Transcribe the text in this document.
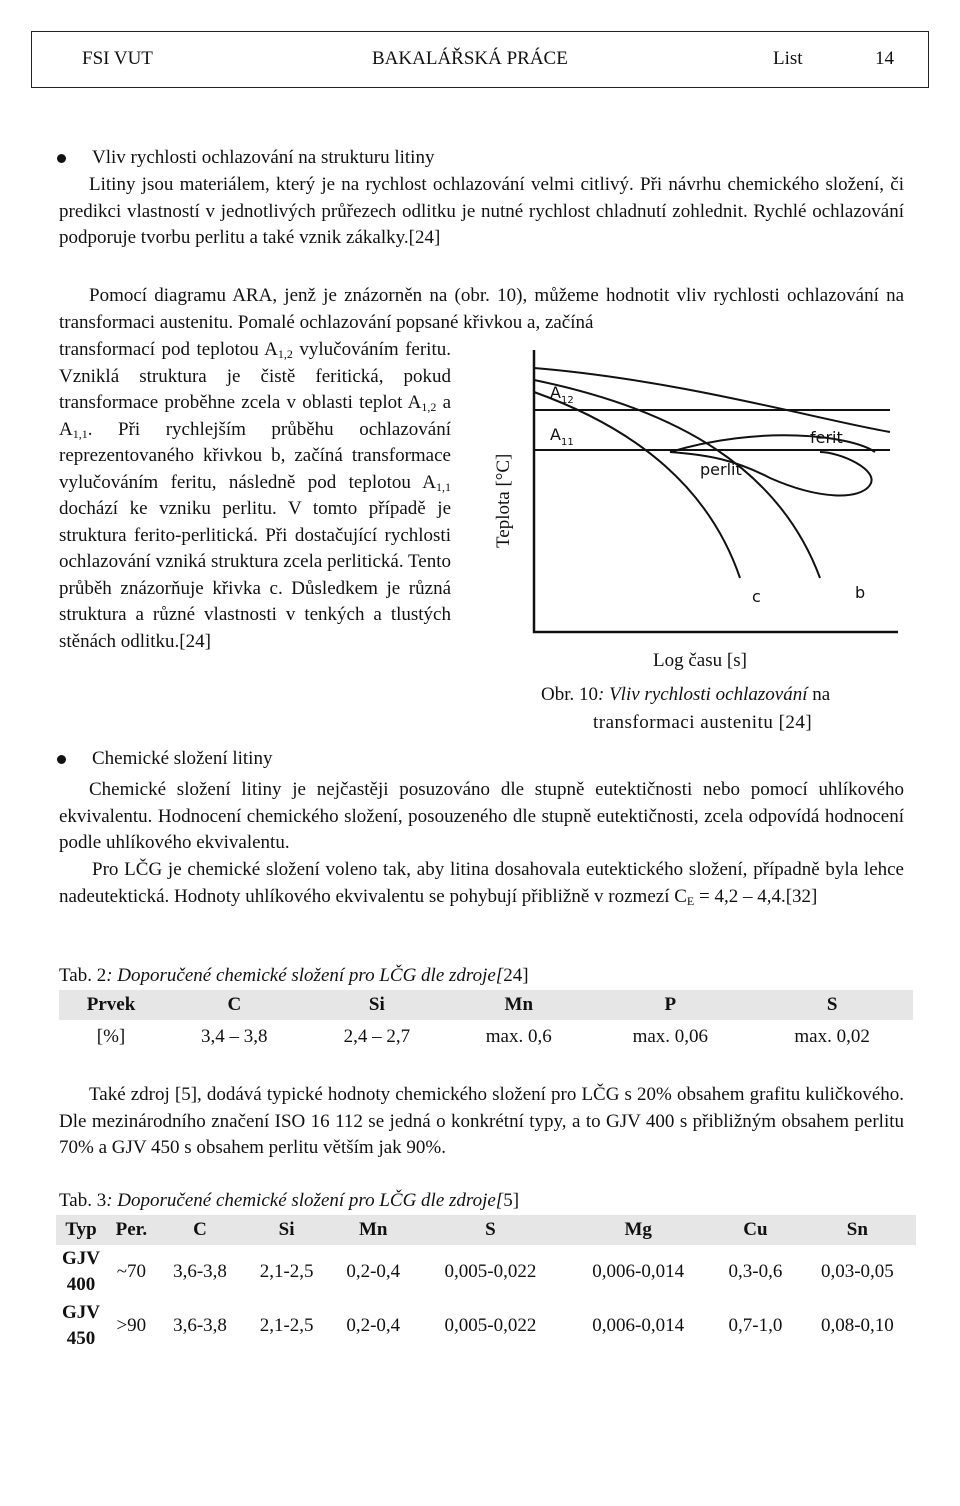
FSI VUT	BAKALÁŘSKÁ PRÁCE	List	14
Vliv rychlosti ochlazování na strukturu litiny
Litiny jsou materiálem, který je na rychlost ochlazování velmi citlivý. Při návrhu chemického složení, či predikci vlastností v jednotlivých průřezech odlitku je nutné rychlost chladnutí zohlednit. Rychlé ochlazování podporuje tvorbu perlitu a také vznik zákalky.[24]
Pomocí diagramu ARA, jenž je znázorněn na (obr. 10), můžeme hodnotit vliv rychlosti ochlazování na transformaci austenitu. Pomalé ochlazování popsané křivkou a, začíná
transformací pod teplotou $A_{1,2}$ vylučováním feritu. Vzniklá struktura je čistě feritická, pokud transformace proběhne zcela v oblasti teplot $A_{1,2}$ a $A_{1,1}$. Při rychlejším průběhu ochlazování reprezentovaného křivkou b, začíná transformace vylučováním feritu, následně pod teplotou $A_{1,1}$ dochází ke vzniku perlitu. V tomto případě je struktura ferito-perlitická. Při dostačující rychlosti ochlazování vzniká struktura zcela perlitická. Tento průběh znázorňuje křivka c. Důsledkem je různá struktura a různé vlastnosti v tenkých a tlustých stěnách odlitku.[24]
Teplota [°C]
$A_{12}$
$A_{11}$	ferit
perlit
c	b
Log času [s]
Obr. 10: Vliv rychlosti ochlazování na
transformaci austenitu [24]
Chemické složení litiny
Chemické složení litiny je nejčastěji posuzováno dle stupně eutektičnosti nebo pomocí uhlíkového ekvivalentu. Hodnocení chemického složení, posouzeného dle stupně eutektičnosti, zcela odpovídá hodnocení podle uhlíkového ekvivalentu.
Pro LČG je chemické složení voleno tak, aby litina dosahovala eutektického složení, případně byla lehce nadeutektická. Hodnoty uhlíkového ekvivalentu se pohybují přibližně v rozmezí $C_E = 4,2 - 4,4.[32]$
Tab. 2: Doporučené chemické složení pro LČG dle zdroje[24]
Prvek	C	Si	Mn	P	S
[%]	3,4 – 3,8	2,4 – 2,7	max. 0,6	max. 0,06	max. 0,02
Také zdroj [5], dodává typické hodnoty chemického složení pro LČG s 20% obsahem grafitu kuličkového. Dle mezinárodního značení ISO 16 112 se jedná o konkrétní typy, a to GJV 400 s přibližným obsahem perlitu 70% a GJV 450 s obsahem perlitu větším jak 90%.
Tab. 3: Doporučené chemické složení pro LČG dle zdroje[5]
Typ	Per.	C	Si	Mn	S	Mg	Cu	Sn
GJV 400	~70	3,6-3,8	2,1-2,5	0,2-0,4	0,005-0,022	0,006-0,014	0,3-0,6	0,03-0,05
GJV 450	>90	3,6-3,8	2,1-2,5	0,2-0,4	0,005-0,022	0,006-0,014	0,7-1,0	0,08-0,10
